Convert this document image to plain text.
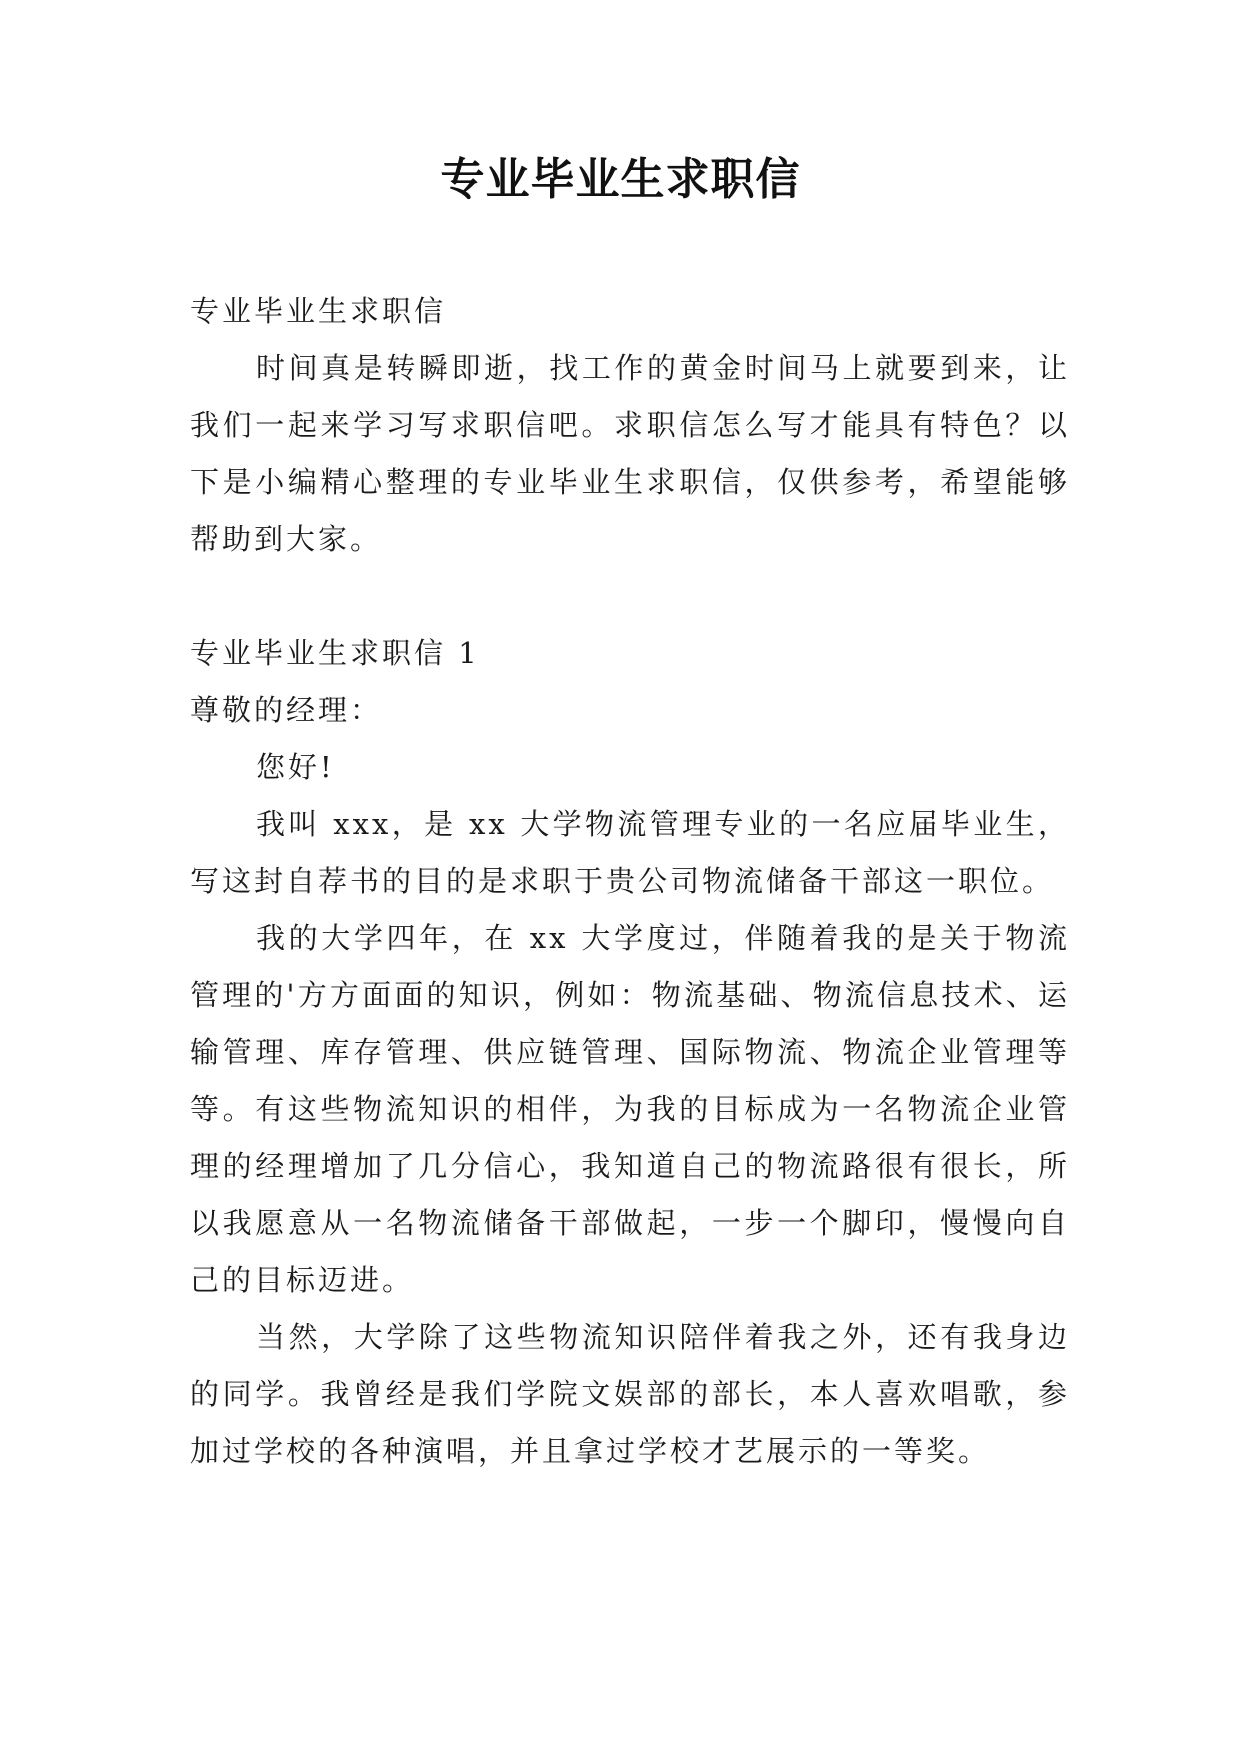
专业毕业生求职信

专业毕业生求职信

时间真是转瞬即逝，找工作的黄金时间马上就要到来，让我们一起来学习写求职信吧。求职信怎么写才能具有特色？以下是小编精心整理的专业毕业生求职信，仅供参考，希望能够帮助到大家。

专业毕业生求职信 1

尊敬的经理：

您好!

我叫 xxx，是 xx 大学物流管理专业的一名应届毕业生，写这封自荐书的目的是求职于贵公司物流储备干部这一职位。

我的大学四年，在 xx 大学度过，伴随着我的是关于物流管理的'方方面面的知识，例如：物流基础、物流信息技术、运输管理、库存管理、供应链管理、国际物流、物流企业管理等等。有这些物流知识的相伴，为我的目标成为一名物流企业管理的经理增加了几分信心，我知道自己的物流路很有很长，所以我愿意从一名物流储备干部做起，一步一个脚印，慢慢向自己的目标迈进。

当然，大学除了这些物流知识陪伴着我之外，还有我身边的同学。我曾经是我们学院文娱部的部长，本人喜欢唱歌，参加过学校的各种演唱，并且拿过学校才艺展示的一等奖。
